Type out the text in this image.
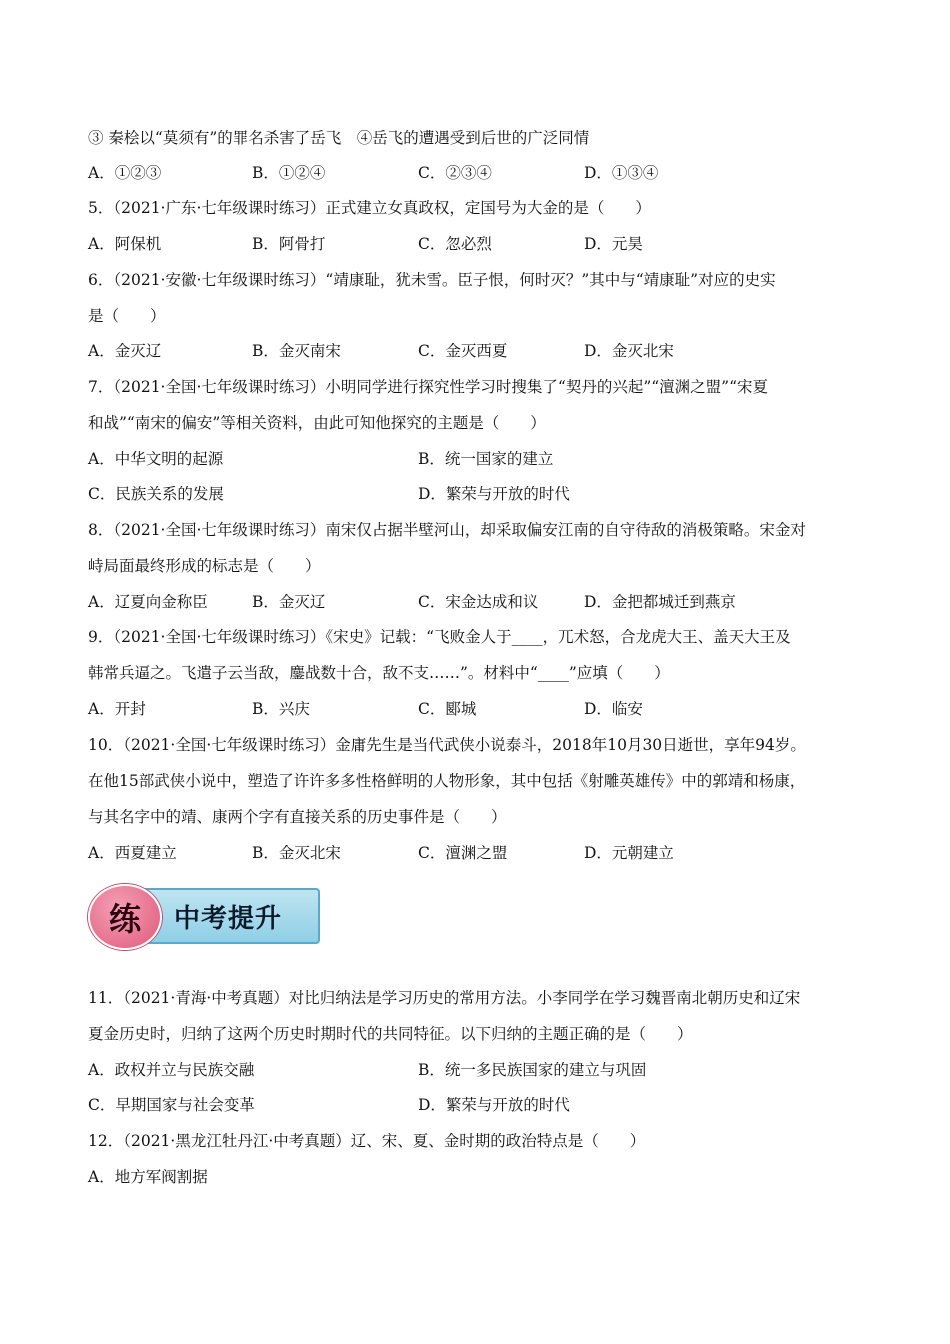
③ 秦桧以“莫须有”的罪名杀害了岳飞　④岳飞的遭遇受到后世的广泛同情
A．①②③	B．①②④	C．②③④	D．①③④
5．（2021·广东·七年级课时练习）正式建立女真政权，定国号为大金的是（　　）
A．阿保机	B．阿骨打	C．忽必烈	D．元昊
6．（2021·安徽·七年级课时练习）“靖康耻，犹未雪。臣子恨，何时灭？”其中与“靖康耻”对应的史实
是（　　）
A．金灭辽	B．金灭南宋	C．金灭西夏	D．金灭北宋
7．（2021·全国·七年级课时练习）小明同学进行探究性学习时搜集了“契丹的兴起”“澶渊之盟”“宋夏
和战”“南宋的偏安”等相关资料，由此可知他探究的主题是（　　）
A．中华文明的起源	B．统一国家的建立
C．民族关系的发展	D．繁荣与开放的时代
8．（2021·全国·七年级课时练习）南宋仅占据半壁河山，却采取偏安江南的自守待敌的消极策略。宋金对
峙局面最终形成的标志是（　　）
A．辽夏向金称臣	B．金灭辽	C．宋金达成和议	D．金把都城迁到燕京
9．（2021·全国·七年级课时练习）《宋史》记载：“飞败金人于____，兀术怒，合龙虎大王、盖天大王及
韩常兵逼之。飞遣子云当敌，鏖战数十合，敌不支……”。材料中“____”应填（　　）
A．开封	B．兴庆	C．郾城	D．临安
10．（2021·全国·七年级课时练习）金庸先生是当代武侠小说泰斗，2018年10月30日逝世，享年94岁。
在他15部武侠小说中，塑造了许许多多性格鲜明的人物形象，其中包括《射雕英雄传》中的郭靖和杨康，
与其名字中的靖、康两个字有直接关系的历史事件是（　　）
A．西夏建立	B．金灭北宋	C．澶渊之盟	D．元朝建立
练	中考提升
11．（2021·青海·中考真题）对比归纳法是学习历史的常用方法。小李同学在学习魏晋南北朝历史和辽宋
夏金历史时，归纳了这两个历史时期时代的共同特征。以下归纳的主题正确的是（　　）
A．政权并立与民族交融	B．统一多民族国家的建立与巩固
C．早期国家与社会变革	D．繁荣与开放的时代
12．（2021·黑龙江牡丹江·中考真题）辽、宋、夏、金时期的政治特点是（　　）
A．地方军阀割据
